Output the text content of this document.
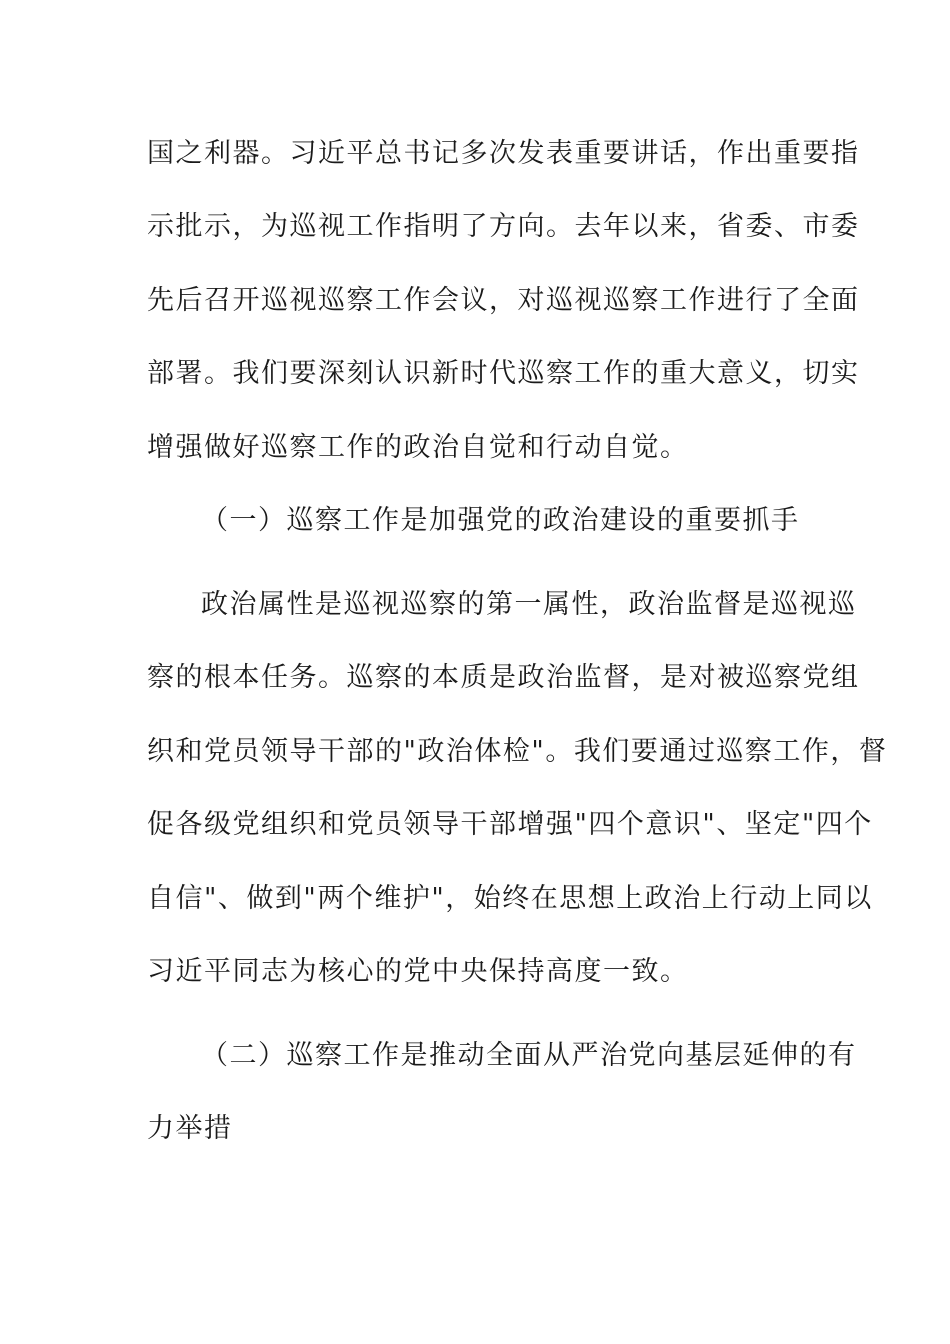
国之利器。习近平总书记多次发表重要讲话，作出重要指
示批示，为巡视工作指明了方向。去年以来，省委、市委
先后召开巡视巡察工作会议，对巡视巡察工作进行了全面
部署。我们要深刻认识新时代巡察工作的重大意义，切实
增强做好巡察工作的政治自觉和行动自觉。
（一）巡察工作是加强党的政治建设的重要抓手
政治属性是巡视巡察的第一属性，政治监督是巡视巡
察的根本任务。巡察的本质是政治监督，是对被巡察党组
织和党员领导干部的"政治体检"。我们要通过巡察工作，督
促各级党组织和党员领导干部增强"四个意识"、坚定"四个
自信"、做到"两个维护"，始终在思想上政治上行动上同以
习近平同志为核心的党中央保持高度一致。
（二）巡察工作是推动全面从严治党向基层延伸的有
力举措
